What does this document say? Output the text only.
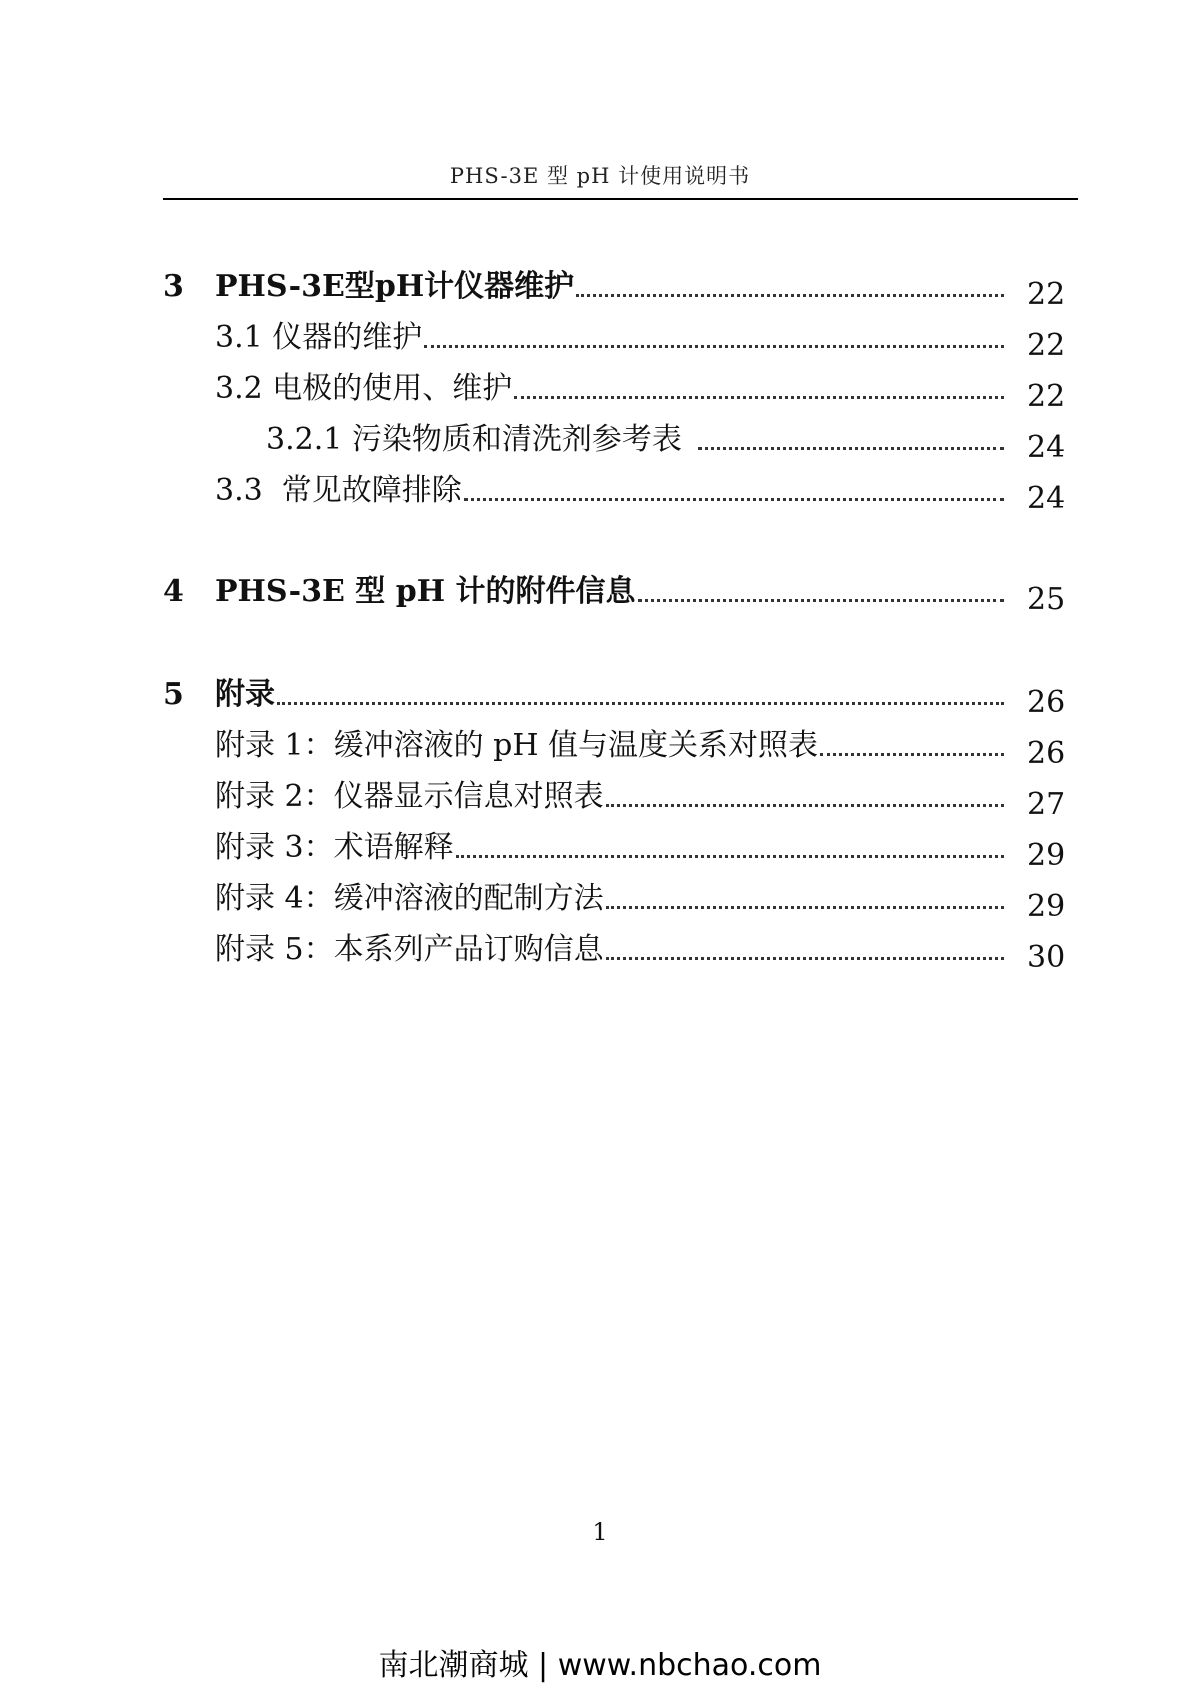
PHS-3E 型 pH 计使用说明书
3 PHS-3E型pH计仪器维护	22
3.1 仪器的维护	22
3.2 电极的使用、维护	22
3.2.1 污染物质和清洗剂参考表	24
3.3  常见故障排除	24
4 PHS-3E 型 pH 计的附件信息	25
5 附录	26
附录 1：缓冲溶液的 pH 值与温度关系对照表	26
附录 2：仪器显示信息对照表	27
附录 3：术语解释	29
附录 4：缓冲溶液的配制方法	29
附录 5：本系列产品订购信息	30
1
南北潮商城 | www.nbchao.com
